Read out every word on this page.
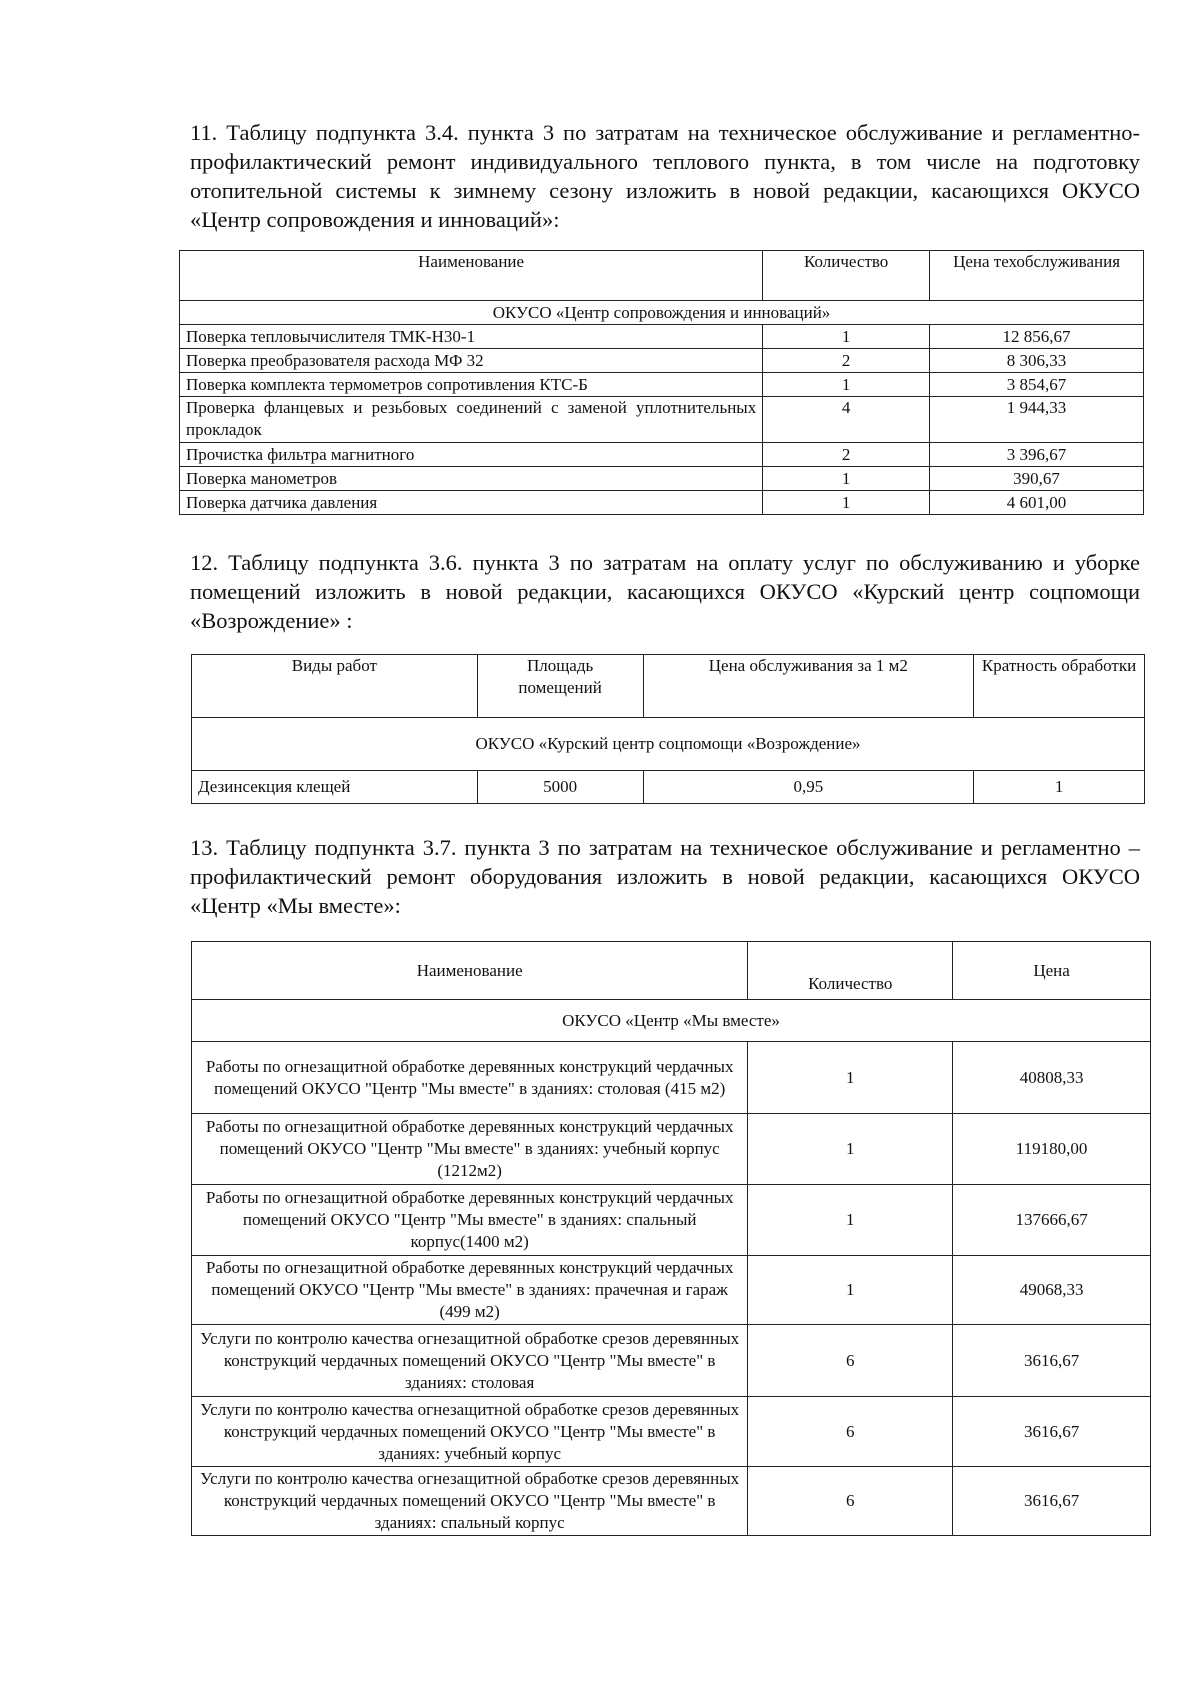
11. Таблицу подпункта 3.4. пункта 3 по затратам на техническое обслуживание и регламентно-профилактический ремонт индивидуального теплового пункта, в том числе на подготовку отопительной системы к зимнему сезону изложить в новой редакции, касающихся ОКУСО «Центр сопровождения и инноваций»:
Наименование	Количество	Цена техобслуживания
ОКУСО «Центр сопровождения и инноваций»		
Поверка тепловычислителя ТМК-Н30-1	1	12 856,67
Поверка преобразователя расхода МФ 32	2	8 306,33
Поверка комплекта термометров сопротивления КТС-Б	1	3 854,67
Проверка фланцевых и резьбовых соединений с заменой уплотнительных прокладок	4	1 944,33
Прочистка фильтра магнитного	2	3 396,67
Поверка манометров	1	390,67
Поверка датчика давления	1	4 601,00
12. Таблицу подпункта 3.6. пункта 3 по затратам на оплату услуг по обслуживанию и уборке помещений изложить в новой редакции, касающихся ОКУСО «Курский центр соцпомощи «Возрождение» :
Виды работ	Площадь помещений	Цена обслуживания за 1 м2	Кратность обработки
ОКУСО «Курский центр соцпомощи «Возрождение»			
Дезинсекция клещей	5000	0,95	1
13. Таблицу подпункта 3.7. пункта 3 по затратам на техническое обслуживание и регламентно – профилактический ремонт оборудования изложить в новой редакции, касающихся ОКУСО «Центр «Мы вместе»:
Наименование	Количество	Цена
ОКУСО «Центр «Мы вместе»		
Работы по огнезащитной обработке деревянных конструкций чердачных помещений ОКУСО "Центр "Мы вместе" в зданиях: столовая (415 м2)	1	40808,33
Работы по огнезащитной обработке деревянных конструкций чердачных помещений ОКУСО "Центр "Мы вместе" в зданиях: учебный корпус (1212м2)	1	119180,00
Работы по огнезащитной обработке деревянных конструкций чердачных помещений ОКУСО "Центр "Мы вместе" в зданиях: спальный корпус(1400 м2)	1	137666,67
Работы по огнезащитной обработке деревянных конструкций чердачных помещений ОКУСО "Центр "Мы вместе" в зданиях: прачечная и гараж (499 м2)	1	49068,33
Услуги по контролю качества огнезащитной обработке срезов деревянных конструкций чердачных помещений ОКУСО "Центр "Мы вместе" в зданиях: столовая	6	3616,67
Услуги по контролю качества огнезащитной обработке срезов деревянных конструкций чердачных помещений ОКУСО "Центр "Мы вместе" в зданиях: учебный корпус	6	3616,67
Услуги по контролю качества огнезащитной обработке срезов деревянных конструкций чердачных помещений ОКУСО "Центр "Мы вместе" в зданиях: спальный корпус	6	3616,67
